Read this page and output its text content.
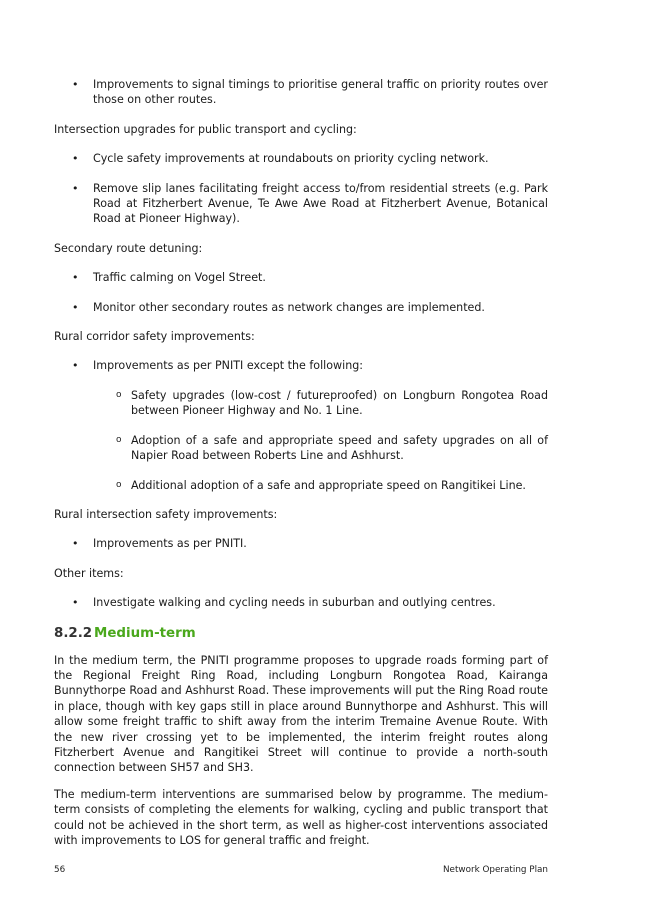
• Improvements to signal timings to prioritise general traffic on priority routes over those on other routes.

Intersection upgrades for public transport and cycling:

• Cycle safety improvements at roundabouts on priority cycling network.
• Remove slip lanes facilitating freight access to/from residential streets (e.g. Park Road at Fitzherbert Avenue, Te Awe Awe Road at Fitzherbert Avenue, Botanical Road at Pioneer Highway).

Secondary route detuning:

• Traffic calming on Vogel Street.
• Monitor other secondary routes as network changes are implemented.

Rural corridor safety improvements:

• Improvements as per PNITI except the following:
o Safety upgrades (low-cost / futureproofed) on Longburn Rongotea Road between Pioneer Highway and No. 1 Line.
o Adoption of a safe and appropriate speed and safety upgrades on all of Napier Road between Roberts Line and Ashhurst.
o Additional adoption of a safe and appropriate speed on Rangitikei Line.

Rural intersection safety improvements:

• Improvements as per PNITI.

Other items:

• Investigate walking and cycling needs in suburban and outlying centres.
8.2.2 Medium-term

In the medium term, the PNITI programme proposes to upgrade roads forming part of the Regional Freight Ring Road, including Longburn Rongotea Road, Kairanga Bunnythorpe Road and Ashhurst Road. These improvements will put the Ring Road route in place, though with key gaps still in place around Bunnythorpe and Ashhurst. This will allow some freight traffic to shift away from the interim Tremaine Avenue Route. With the new river crossing yet to be implemented, the interim freight routes along Fitzherbert Avenue and Rangitikei Street will continue to provide a north-south connection between SH57 and SH3.

The medium-term interventions are summarised below by programme. The medium-term consists of completing the elements for walking, cycling and public transport that could not be achieved in the short term, as well as higher-cost interventions associated with improvements to LOS for general traffic and freight.

56	Network Operating Plan
